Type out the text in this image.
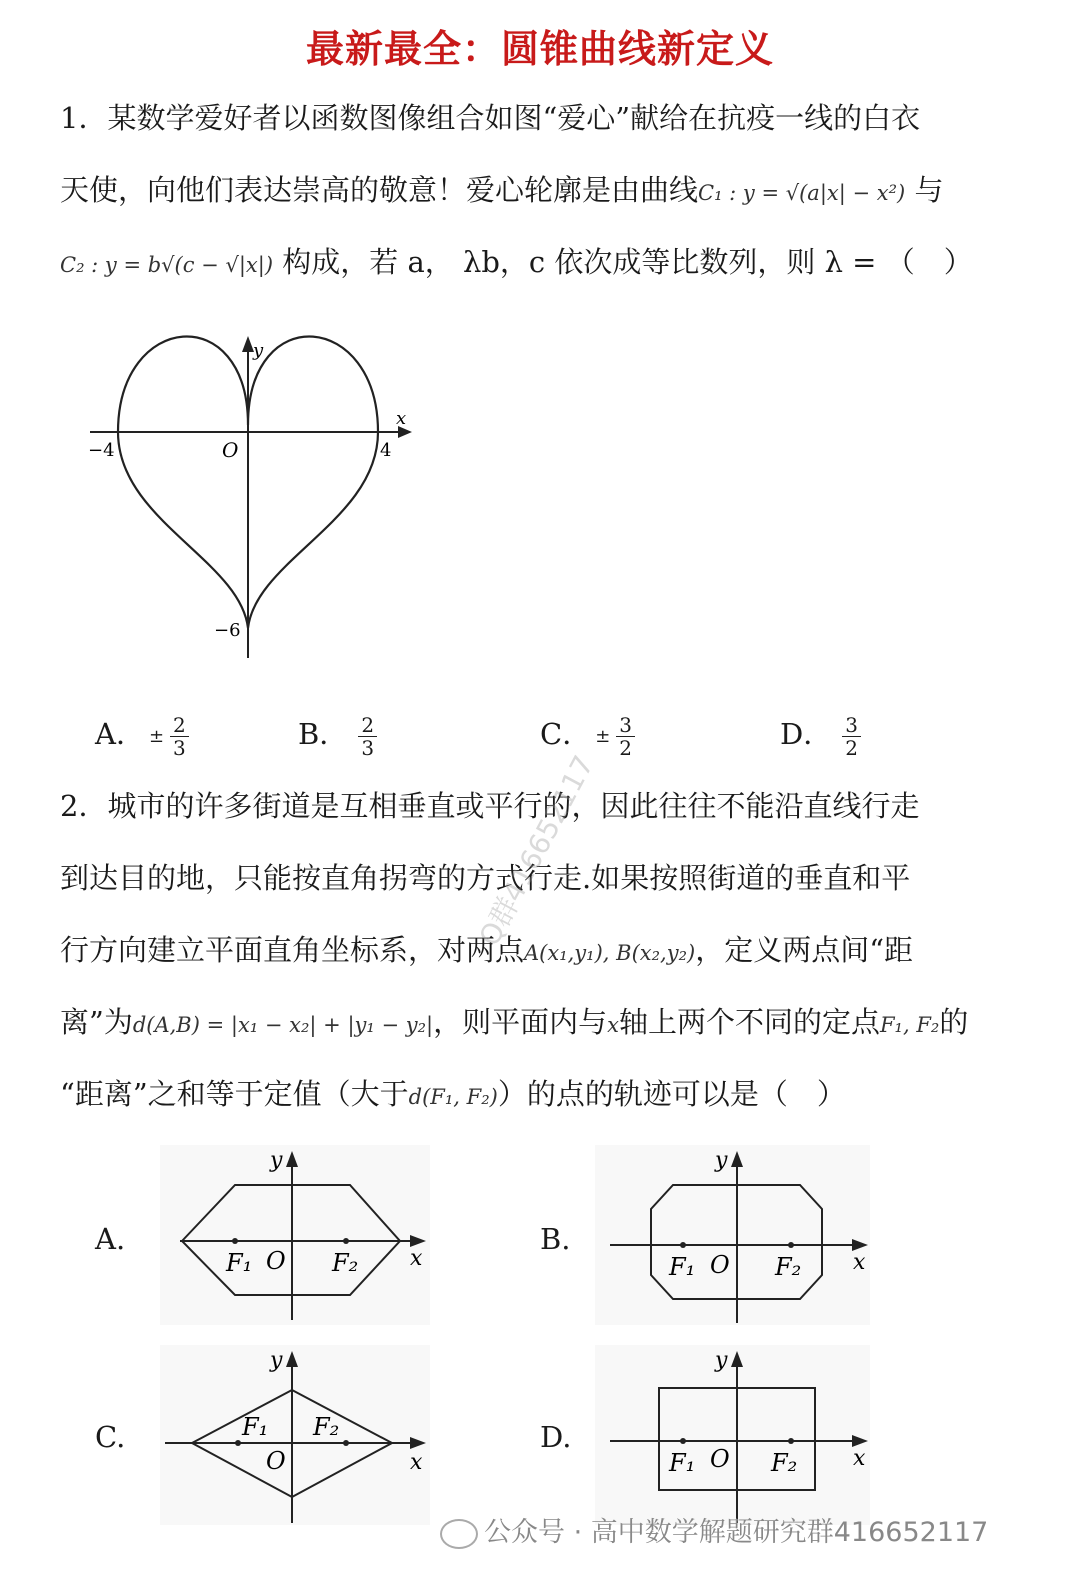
最新最全：圆锥曲线新定义
1．某数学爱好者以函数图像组合如图“爱心”献给在抗疫一线的白衣
天使，向他们表达崇高的敬意！爱心轮廓是由曲线C₁ : y = √(a|x| − x²) 与
C₂ : y = b√(c − √|x|) 构成，若 a， λb，c 依次成等比数列，则 λ = （　）
y
x
O
−4	4
−6
A． ± $\frac{2}{3}$	B． $\frac{2}{3}$	C． ± $\frac{3}{2}$	D． $\frac{3}{2}$
2．城市的许多街道是互相垂直或平行的，因此往往不能沿直线行走
到达目的地，只能按直角拐弯的方式行走.如果按照街道的垂直和平
行方向建立平面直角坐标系，对两点A(x₁,y₁), B(x₂,y₂)，定义两点间“距
离”为d(A,B) = |x₁ − x₂| + |y₁ − y₂|，则平面内与x轴上两个不同的定点F₁, F₂的
“距离”之和等于定值（大于d(F₁, F₂)）的点的轨迹可以是（　）
A.
y
x
O
F₁	F₂
B.
y
x
O
F₁	F₂
C.
y
x
O
F₁ F₂	D.
y
x
O
F₁	F₂
Q群416652117
公众号 · 高中数学解题研究群416652117
